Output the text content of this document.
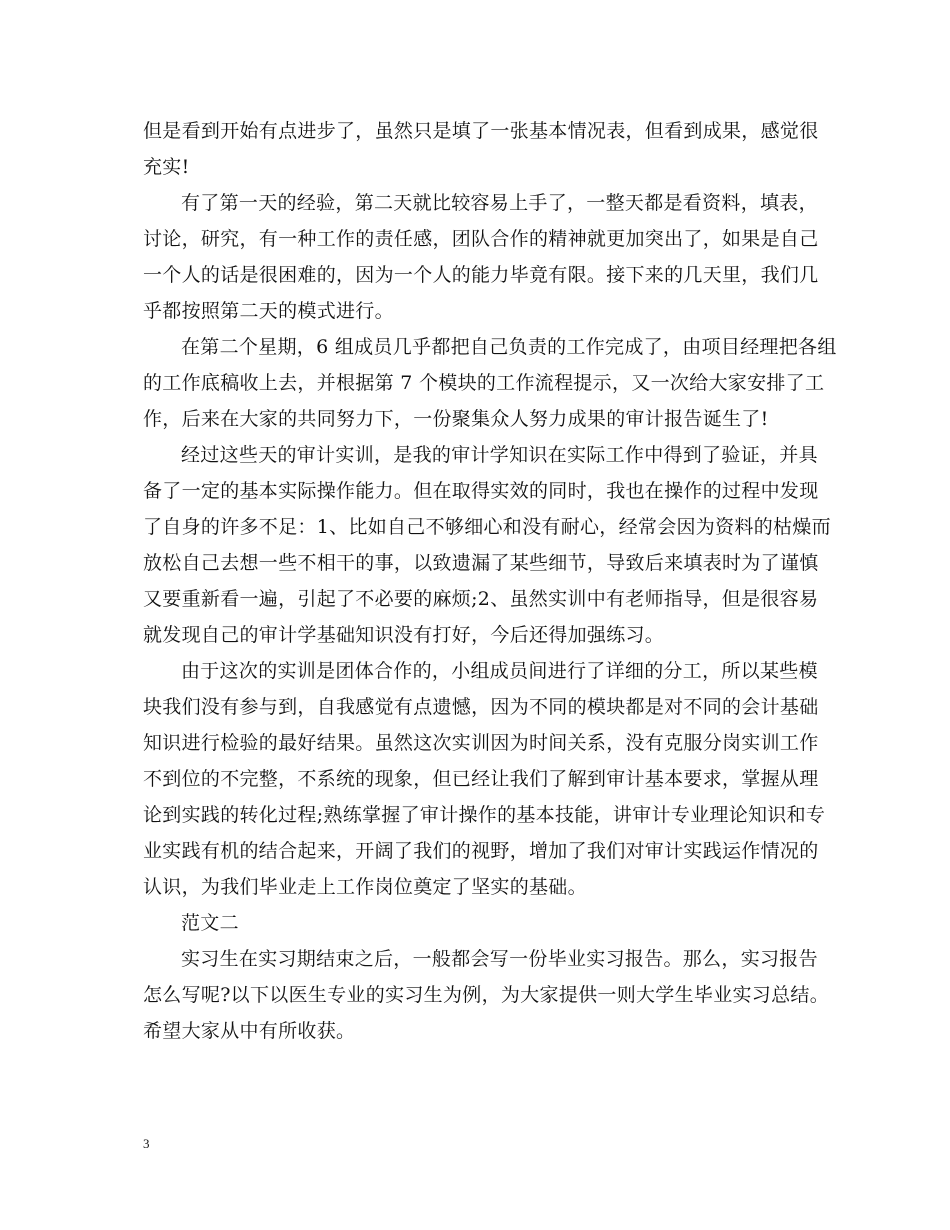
但是看到开始有点进步了，虽然只是填了一张基本情况表，但看到成果，感觉很

充实!

有了第一天的经验，第二天就比较容易上手了，一整天都是看资料，填表，

讨论，研究，有一种工作的责任感，团队合作的精神就更加突出了，如果是自己

一个人的话是很困难的，因为一个人的能力毕竟有限。接下来的几天里，我们几

乎都按照第二天的模式进行。

在第二个星期，6 组成员几乎都把自己负责的工作完成了，由项目经理把各组

的工作底稿收上去，并根据第 7 个模块的工作流程提示，又一次给大家安排了工

作，后来在大家的共同努力下，一份聚集众人努力成果的审计报告诞生了!

经过这些天的审计实训，是我的审计学知识在实际工作中得到了验证，并具

备了一定的基本实际操作能力。但在取得实效的同时，我也在操作的过程中发现

了自身的许多不足：1、比如自己不够细心和没有耐心，经常会因为资料的枯燥而

放松自己去想一些不相干的事，以致遗漏了某些细节，导致后来填表时为了谨慎

又要重新看一遍，引起了不必要的麻烦;2、虽然实训中有老师指导，但是很容易

就发现自己的审计学基础知识没有打好，今后还得加强练习。

由于这次的实训是团体合作的，小组成员间进行了详细的分工，所以某些模

块我们没有参与到，自我感觉有点遗憾，因为不同的模块都是对不同的会计基础

知识进行检验的最好结果。虽然这次实训因为时间关系，没有克服分岗实训工作

不到位的不完整，不系统的现象，但已经让我们了解到审计基本要求，掌握从理

论到实践的转化过程;熟练掌握了审计操作的基本技能，讲审计专业理论知识和专

业实践有机的结合起来，开阔了我们的视野，增加了我们对审计实践运作情况的

认识，为我们毕业走上工作岗位奠定了坚实的基础。

范文二

实习生在实习期结束之后，一般都会写一份毕业实习报告。那么，实习报告

怎么写呢?以下以医生专业的实习生为例，为大家提供一则大学生毕业实习总结。

希望大家从中有所收获。

3
